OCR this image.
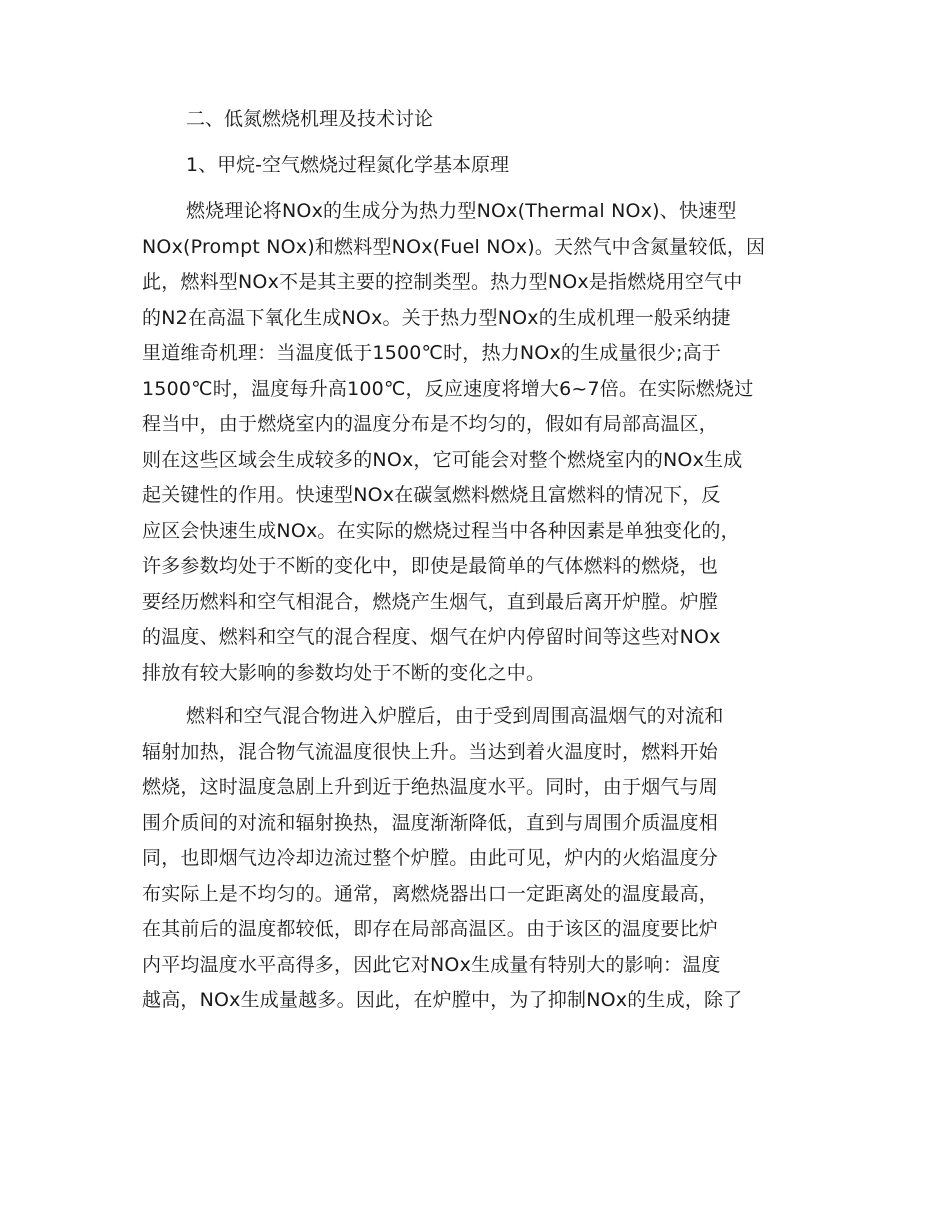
二、低氮燃烧机理及技术讨论
1、甲烷-空气燃烧过程氮化学基本原理
燃烧理论将NOx的生成分为热力型NOx(Thermal NOx)、快速型
NOx(Prompt NOx)和燃料型NOx(Fuel NOx)。天然气中含氮量较低，因
此，燃料型NOx不是其主要的控制类型。热力型NOx是指燃烧用空气中
的N2在高温下氧化生成NOx。关于热力型NOx的生成机理一般采纳捷
里道维奇机理：当温度低于1500℃时，热力NOx的生成量很少;高于
1500℃时，温度每升高100℃，反应速度将增大6~7倍。在实际燃烧过
程当中，由于燃烧室内的温度分布是不均匀的，假如有局部高温区，
则在这些区域会生成较多的NOx，它可能会对整个燃烧室内的NOx生成
起关键性的作用。快速型NOx在碳氢燃料燃烧且富燃料的情况下，反
应区会快速生成NOx。在实际的燃烧过程当中各种因素是单独变化的，
许多参数均处于不断的变化中，即使是最简单的气体燃料的燃烧，也
要经历燃料和空气相混合，燃烧产生烟气，直到最后离开炉膛。炉膛
的温度、燃料和空气的混合程度、烟气在炉内停留时间等这些对NOx
排放有较大影响的参数均处于不断的变化之中。
燃料和空气混合物进入炉膛后，由于受到周围高温烟气的对流和
辐射加热，混合物气流温度很快上升。当达到着火温度时，燃料开始
燃烧，这时温度急剧上升到近于绝热温度水平。同时，由于烟气与周
围介质间的对流和辐射换热，温度渐渐降低，直到与周围介质温度相
同，也即烟气边冷却边流过整个炉膛。由此可见，炉内的火焰温度分
布实际上是不均匀的。通常，离燃烧器出口一定距离处的温度最高，
在其前后的温度都较低，即存在局部高温区。由于该区的温度要比炉
内平均温度水平高得多，因此它对NOx生成量有特别大的影响：温度
越高，NOx生成量越多。因此，在炉膛中，为了抑制NOx的生成，除了
